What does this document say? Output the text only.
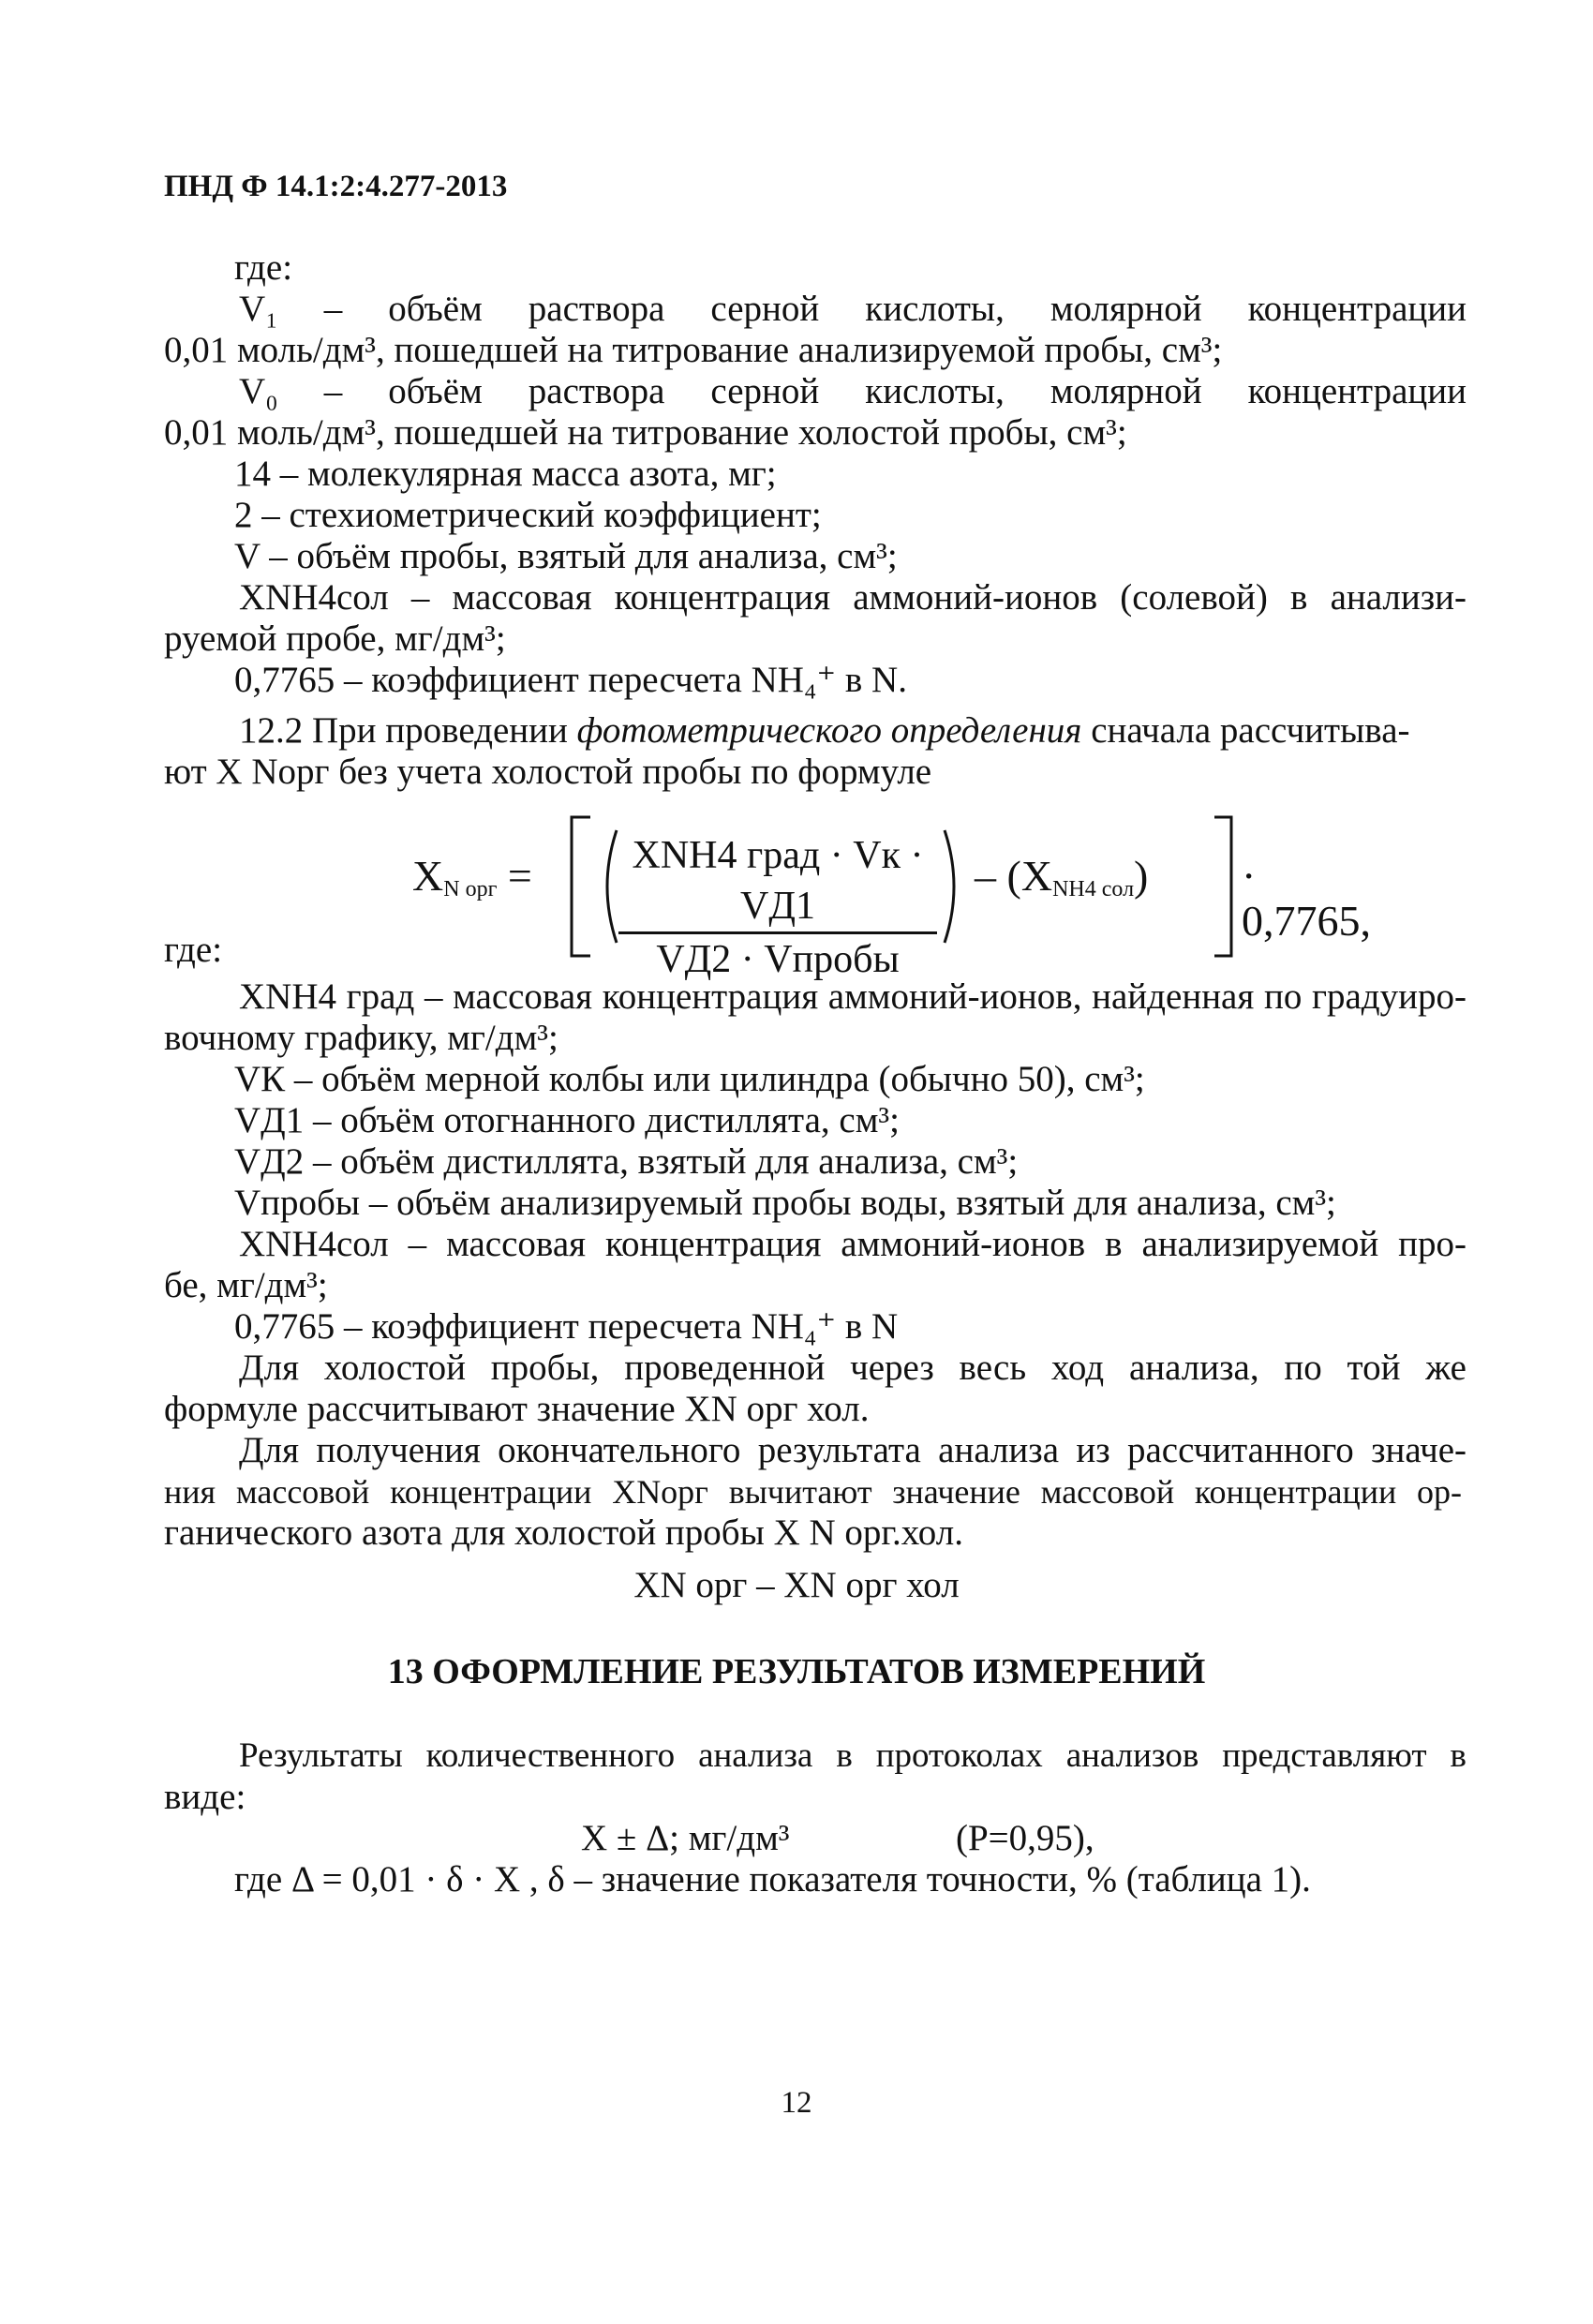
ПНД Ф 14.1:2:4.277-2013
где:
V₁ – объём раствора серной кислоты, молярной концентрации
0,01 моль/дм³, пошедшей на титрование анализируемой пробы, см³;
V₀ – объём раствора серной кислоты, молярной концентрации
0,01 моль/дм³, пошедшей на титрование холостой пробы, см³;
14 – молекулярная масса азота, мг;
2 – стехиометрический коэффициент;
V – объём пробы, взятый для анализа, см³;
XNH4сол – массовая концентрация аммоний-ионов (солевой) в анализи-
руемой пробе, мг/дм³;
0,7765 – коэффициент пересчета NH₄⁺ в N.
12.2 При проведении фотометрического определения сначала рассчитыва-
ют X Nорг без учета холостой пробы по формуле
$X_{N орг}$ =	XNH4 град · Vк · VД1
VД2 · Vпробы
– $(X_{NH4 сол}) \cdot 0,7765$,
где:
XNH4 град – массовая концентрация аммоний-ионов, найденная по градуиро-
вочному графику, мг/дм³;
VК – объём мерной колбы или цилиндра (обычно 50), см³;
VД1 – объём отогнанного дистиллята, см³;
VД2 – объём дистиллята, взятый для анализа, см³;
Vпробы – объём анализируемый пробы воды, взятый для анализа, см³;
XNH4сол – массовая концентрация аммоний-ионов в анализируемой про-
бе, мг/дм³;
0,7765 – коэффициент пересчета NH₄⁺ в N
Для холостой пробы, проведенной через весь ход анализа, по той же
формуле рассчитывают значение XN орг хол.
Для получения окончательного результата анализа из рассчитанного значе-
ния массовой концентрации XNорг вычитают значение массовой концентрации ор-
ганического азота для холостой пробы X N орг.хол.
XN орг – XN орг хол
13 ОФОРМЛЕНИЕ РЕЗУЛЬТАТОВ ИЗМЕРЕНИЙ
Результаты количественного анализа в протоколах анализов представляют в
виде:
X ± Δ; мг/дм³	(Р=0,95),
где Δ = 0,01 · δ · X , δ – значение показателя точности, % (таблица 1).
12
